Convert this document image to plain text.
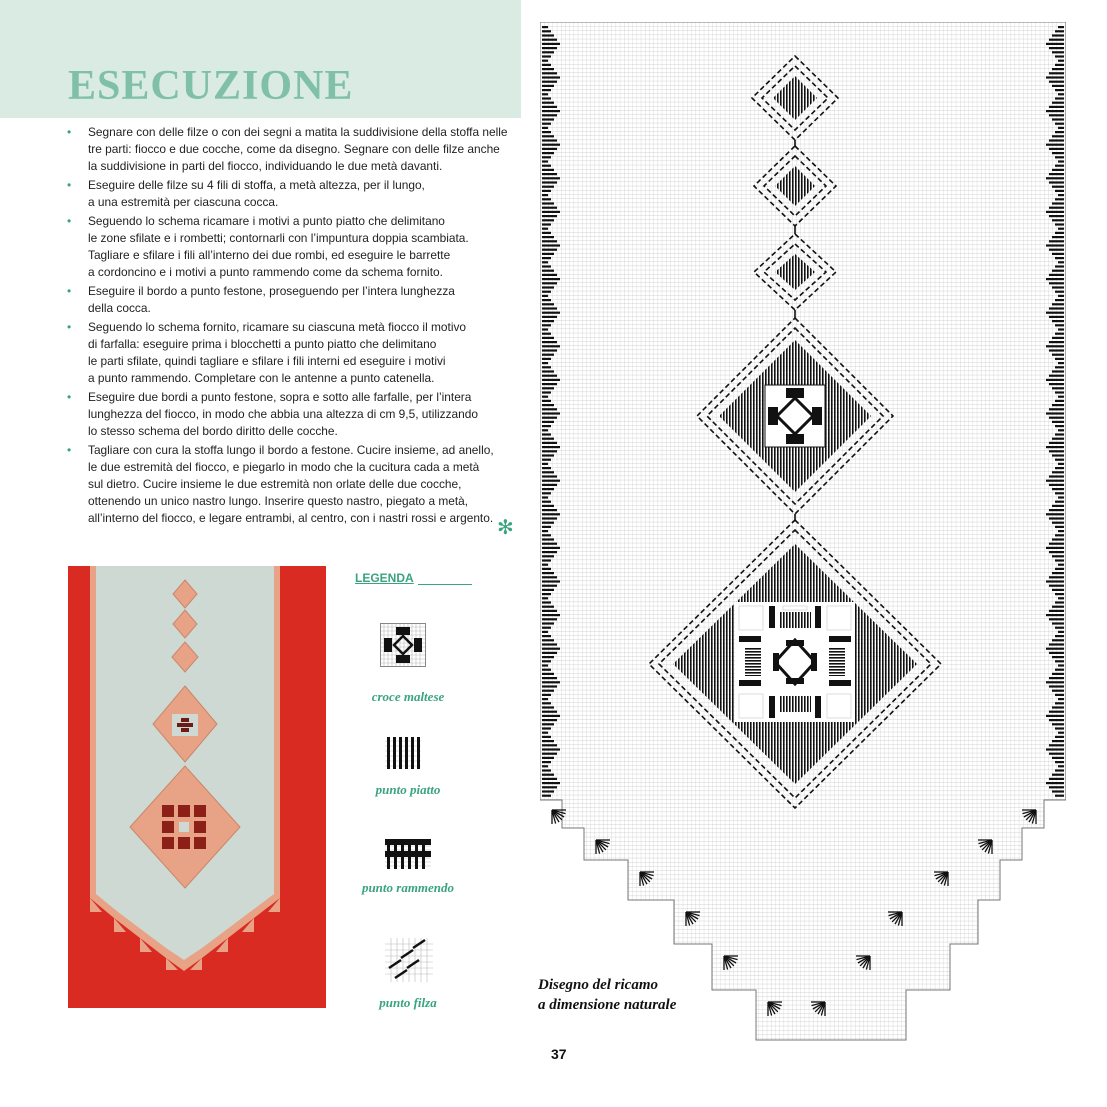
ESECUZIONE
• Segnare con delle filze o con dei segni a matita la suddivisione della stoffa nelle
tre parti: fiocco e due cocche, come da disegno. Segnare con delle filze anche
la suddivisione in parti del fiocco, individuando le due metà davanti.
• Eseguire delle filze su 4 fili di stoffa, a metà altezza, per il lungo,
a una estremità per ciascuna cocca.
• Seguendo lo schema ricamare i motivi a punto piatto che delimitano
le zone sfilate e i rombetti; contornarli con l’impuntura doppia scambiata.
Tagliare e sfilare i fili all’interno dei due rombi, ed eseguire le barrette
a cordoncino e i motivi a punto rammendo come da schema fornito.
• Eseguire il bordo a punto festone, proseguendo per l’intera lunghezza
della cocca.
• Seguendo lo schema fornito, ricamare su ciascuna metà fiocco il motivo
di farfalla: eseguire prima i blocchetti a punto piatto che delimitano
le parti sfilate, quindi tagliare e sfilare i fili interni ed eseguire i motivi
a punto rammendo. Completare con le antenne a punto catenella.
• Eseguire due bordi a punto festone, sopra e sotto alle farfalle, per l’intera
lunghezza del fiocco, in modo che abbia una altezza di cm 9,5, utilizzando
lo stesso schema del bordo diritto delle cocche.
• Tagliare con cura la stoffa lungo il bordo a festone. Cucire insieme, ad anello,
le due estremità del fiocco, e piegarlo in modo che la cucitura cada a metà
sul dietro. Cucire insieme le due estremità non orlate delle due cocche,
ottenendo un unico nastro lungo. Inserire questo nastro, piegato a metà,
all’interno del fiocco, e legare entrambi, al centro, con i nastri rossi e argento. ✻
LEGENDA
croce maltese
punto piatto
punto rammendo
punto filza

Disegno del ricamo
a dimensione naturale

37
